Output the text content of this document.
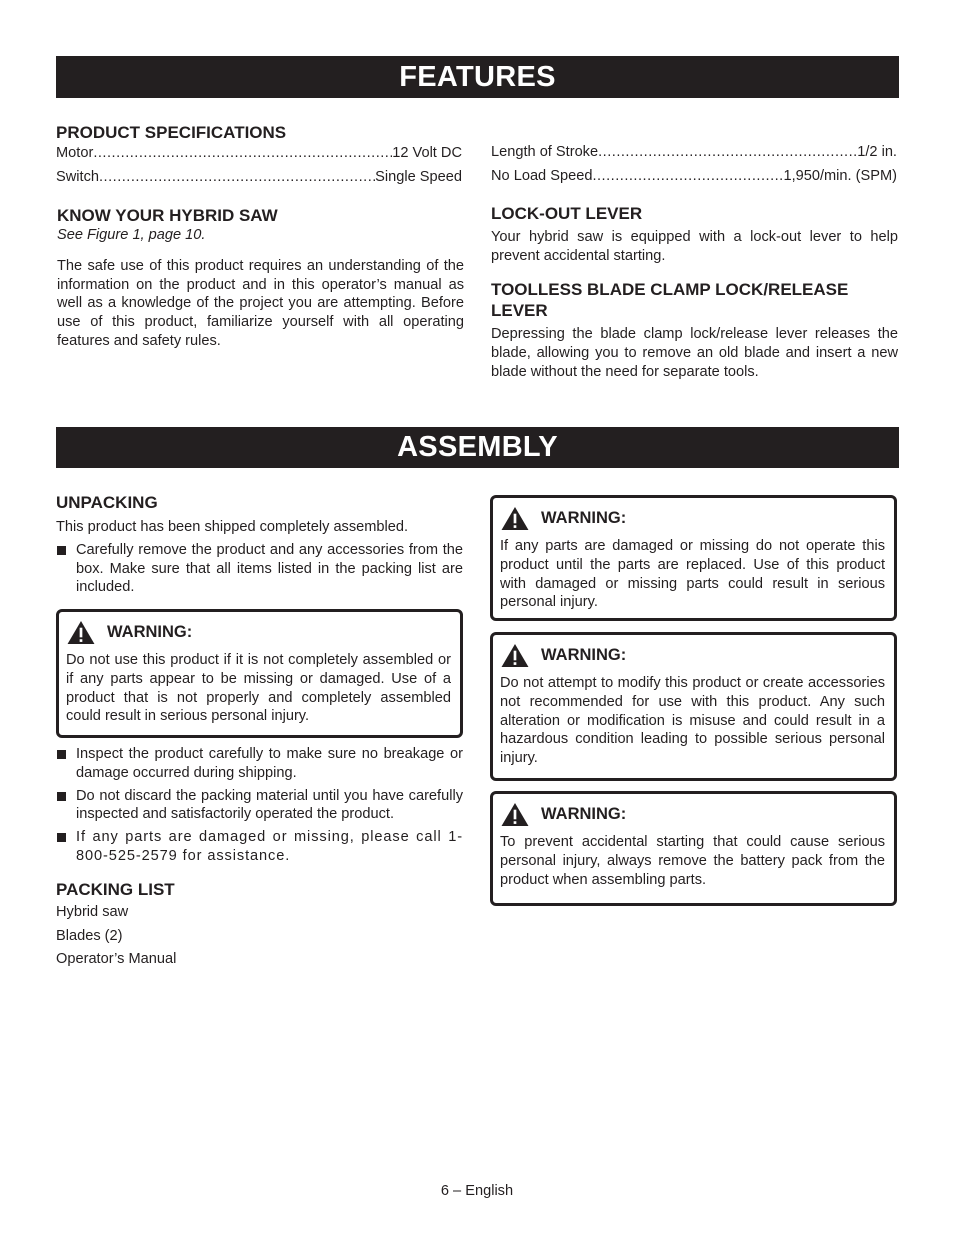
FEATURES
PRODUCT SPECIFICATIONS
Motor .....	12 Volt DC
Switch .....	Single Speed
Length of Stroke .....	1/2 in.
No Load Speed .....	1,950/min. (SPM)
KNOW YOUR HYBRID SAW

See Figure 1, page 10.

The safe use of this product requires an understanding of the information on the product and in this operator’s manual as well as a knowledge of the project you are attempting. Before use of this product, familiarize yourself with all operating features and safety rules.

LOCK-OUT LEVER

Your hybrid saw is equipped with a lock-out lever to help prevent accidental starting.

TOOLLESS BLADE CLAMP LOCK/RELEASE LEVER

Depressing the blade clamp lock/release lever releases the blade, allowing you to remove an old blade and insert a new blade without the need for separate tools.

ASSEMBLY
UNPACKING

This product has been shipped completely assembled.

Carefully remove the product and any accessories from the box. Make sure that all items listed in the packing list are included.
WARNING:

Do not use this product if it is not completely assembled or if any parts appear to be missing or damaged. Use of a product that is not properly and completely assembled could result in serious personal injury.

Inspect the product carefully to make sure no breakage or damage occurred during shipping.
Do not discard the packing material until you have carefully inspected and satisfactorily operated the product.
If any parts are damaged or missing, please call 1-800-525-2579 for assistance.
PACKING LIST
Hybrid saw
Blades (2)
Operator’s Manual
WARNING:

If any parts are damaged or missing do not operate this product until the parts are replaced. Use of this product with damaged or missing parts could result in serious personal injury.

WARNING:

Do not attempt to modify this product or create accessories not recommended for use with this product. Any such alteration or modification is misuse and could result in a hazardous condition leading to possible serious personal injury.

WARNING:

To prevent accidental starting that could cause serious personal injury, always remove the battery pack from the product when assembling parts.

6 – English
